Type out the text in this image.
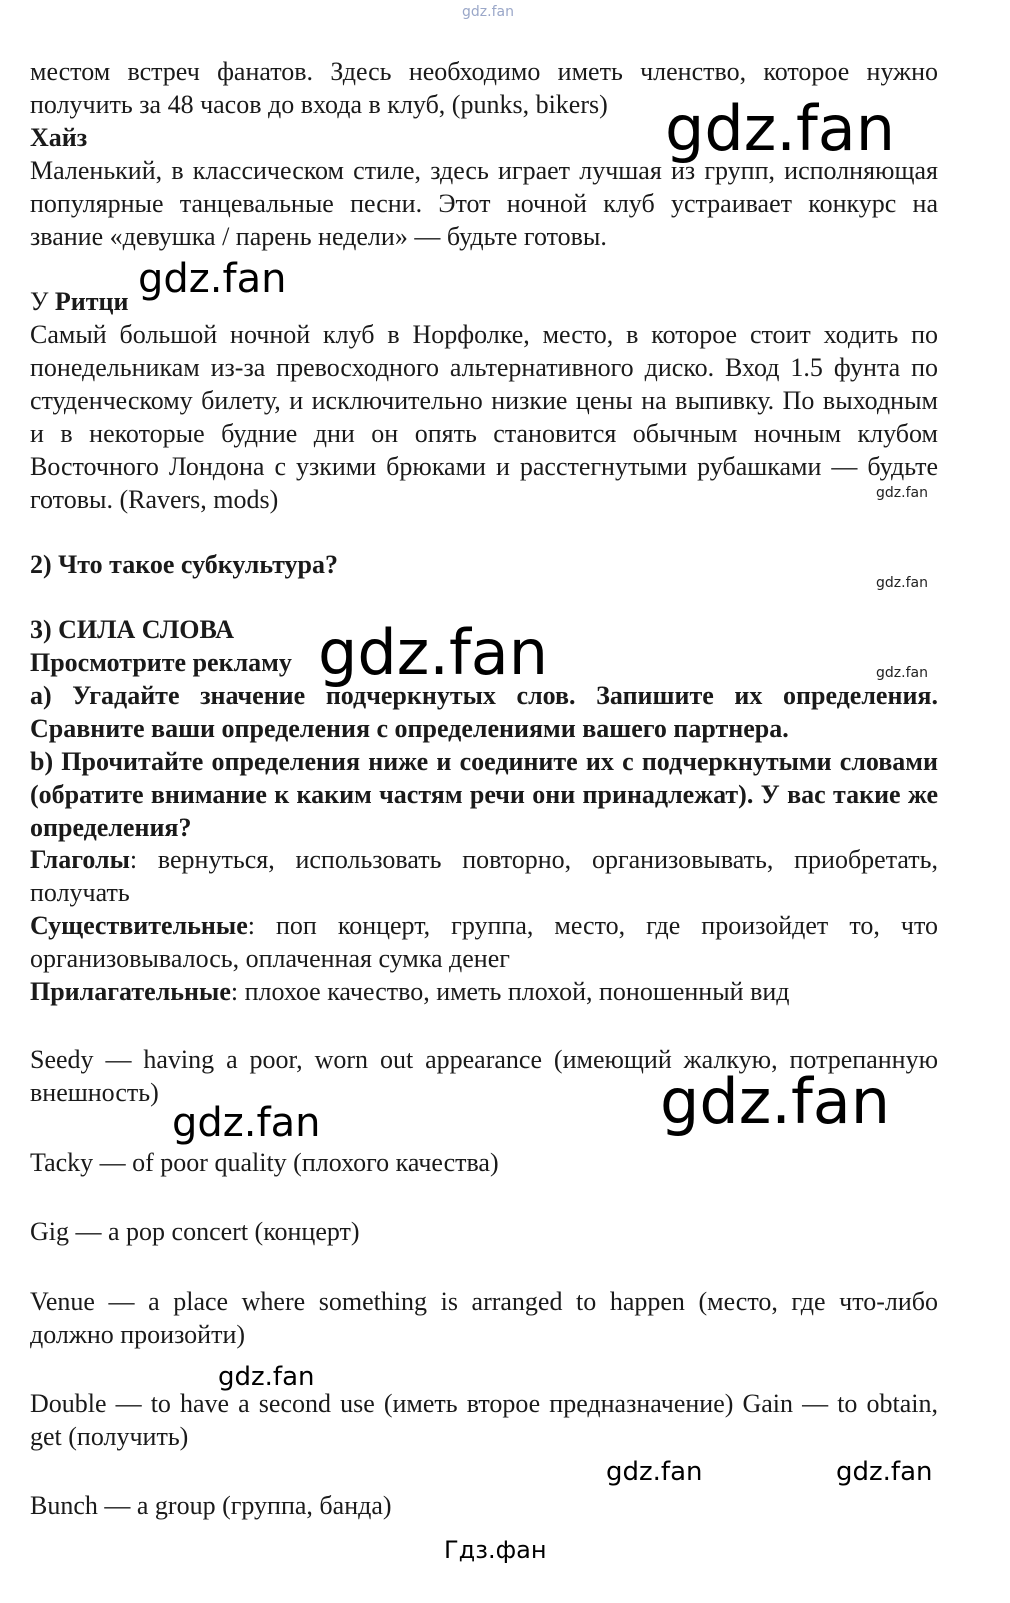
местом встреч фанатов. Здесь необходимо иметь членство, которое нужно получить за 48 часов до входа в клуб, (punks, bikers)

Хайз

Маленький, в классическом стиле, здесь играет лучшая из групп, исполняющая популярные танцевальные песни. Этот ночной клуб устраивает конкурс на звание «девушка / парень недели» — будьте готовы.

У Ритци

Самый большой ночной клуб в Норфолке, место, в которое стоит ходить по понедельникам из-за превосходного альтернативного диско. Вход 1.5 фунта по студенческому билету, и исключительно низкие цены на выпивку. По выходным и в некоторые будние дни он опять становится обычным ночным клубом Восточного Лондона с узкими брюками и расстегнутыми рубашками — будьте готовы. (Ravers, mods)

2) Что такое субкультура?

3) СИЛА СЛОВА

Просмотрите рекламу

а) Угадайте значение подчеркнутых слов. Запишите их определения. Сравните ваши определения с определениями вашего партнера.

b) Прочитайте определения ниже и соедините их с подчеркнутыми словами (обратите внимание к каким частям речи они принадлежат). У вас такие же определения?

Глаголы: вернуться, использовать повторно, организовывать, приобретать, получать

Существительные: поп концерт, группа, место, где произойдет то, что организовывалось, оплаченная сумка денег

Прилагательные: плохое качество, иметь плохой, поношенный вид

Seedy — having a poor, worn out appearance (имеющий жалкую, потрепанную внешность)

Tacky — of poor quality (плохого качества)

Gig — a pop concert (концерт)

Venue — a place where something is arranged to happen (место, где что-либо должно произойти)

Double — to have a second use (иметь второе предназначение) Gain — to obtain, get (получить)

Bunch — a group (группа, банда)

gdz.fan
gdz.fan
gdz.fan
gdz.fan
gdz.fan
gdz.fan	gdz.fan
gdz.fan
gdz.fan
gdz.fan
gdz.fan	gdz.fan
Гдз.фан
